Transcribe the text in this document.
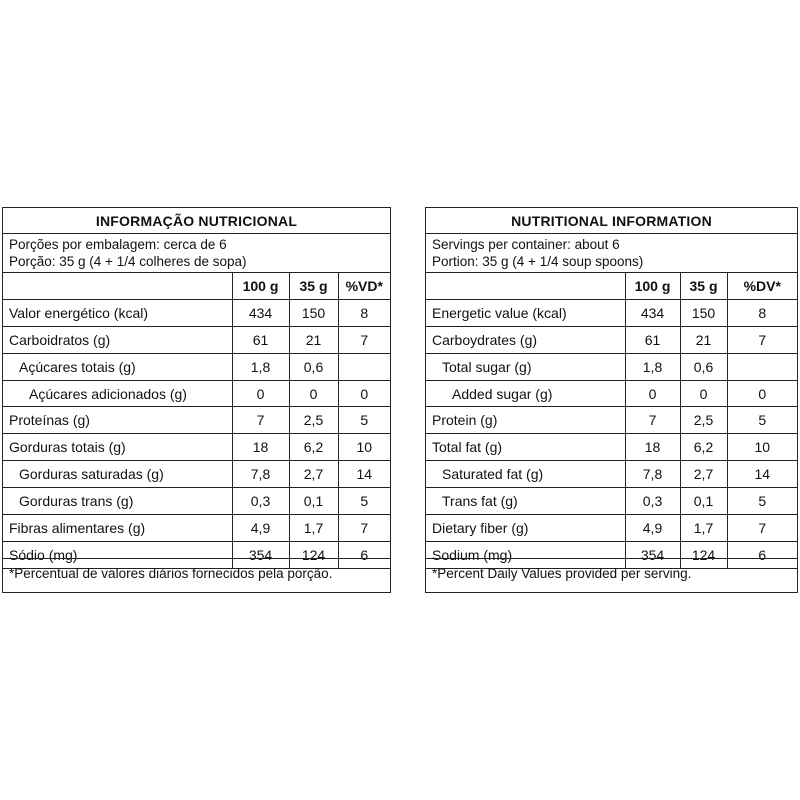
INFORMAÇÃO NUTRICIONAL
Porções por embalagem: cerca de 6
Porção: 35 g (4 + 1/4 colheres de sopa)
	100 g	35 g	%VD*
Valor energético (kcal)	434	150	8
Carboidratos (g)	61	21	7
Açúcares totais (g)	1,8	0,6	
Açúcares adicionados (g)	0	0	0
Proteínas (g)	7	2,5	5
Gorduras totais (g)	18	6,2	10
Gorduras saturadas (g)	7,8	2,7	14
Gorduras trans (g)	0,3	0,1	5
Fibras alimentares (g)	4,9	1,7	7
Sódio (mg)	354	124	6
*Percentual de valores diários fornecidos pela porção.
NUTRITIONAL INFORMATION
Servings per container: about 6
Portion: 35 g (4 + 1/4 soup spoons)
	100 g	35 g	%DV*
Energetic value (kcal)	434	150	8
Carboydrates (g)	61	21	7
Total sugar (g)	1,8	0,6	
Added sugar (g)	0	0	0
Protein (g)	7	2,5	5
Total fat (g)	18	6,2	10
Saturated fat (g)	7,8	2,7	14
Trans fat (g)	0,3	0,1	5
Dietary fiber (g)	4,9	1,7	7
Sodium (mg)	354	124	6
*Percent Daily Values provided per serving.
